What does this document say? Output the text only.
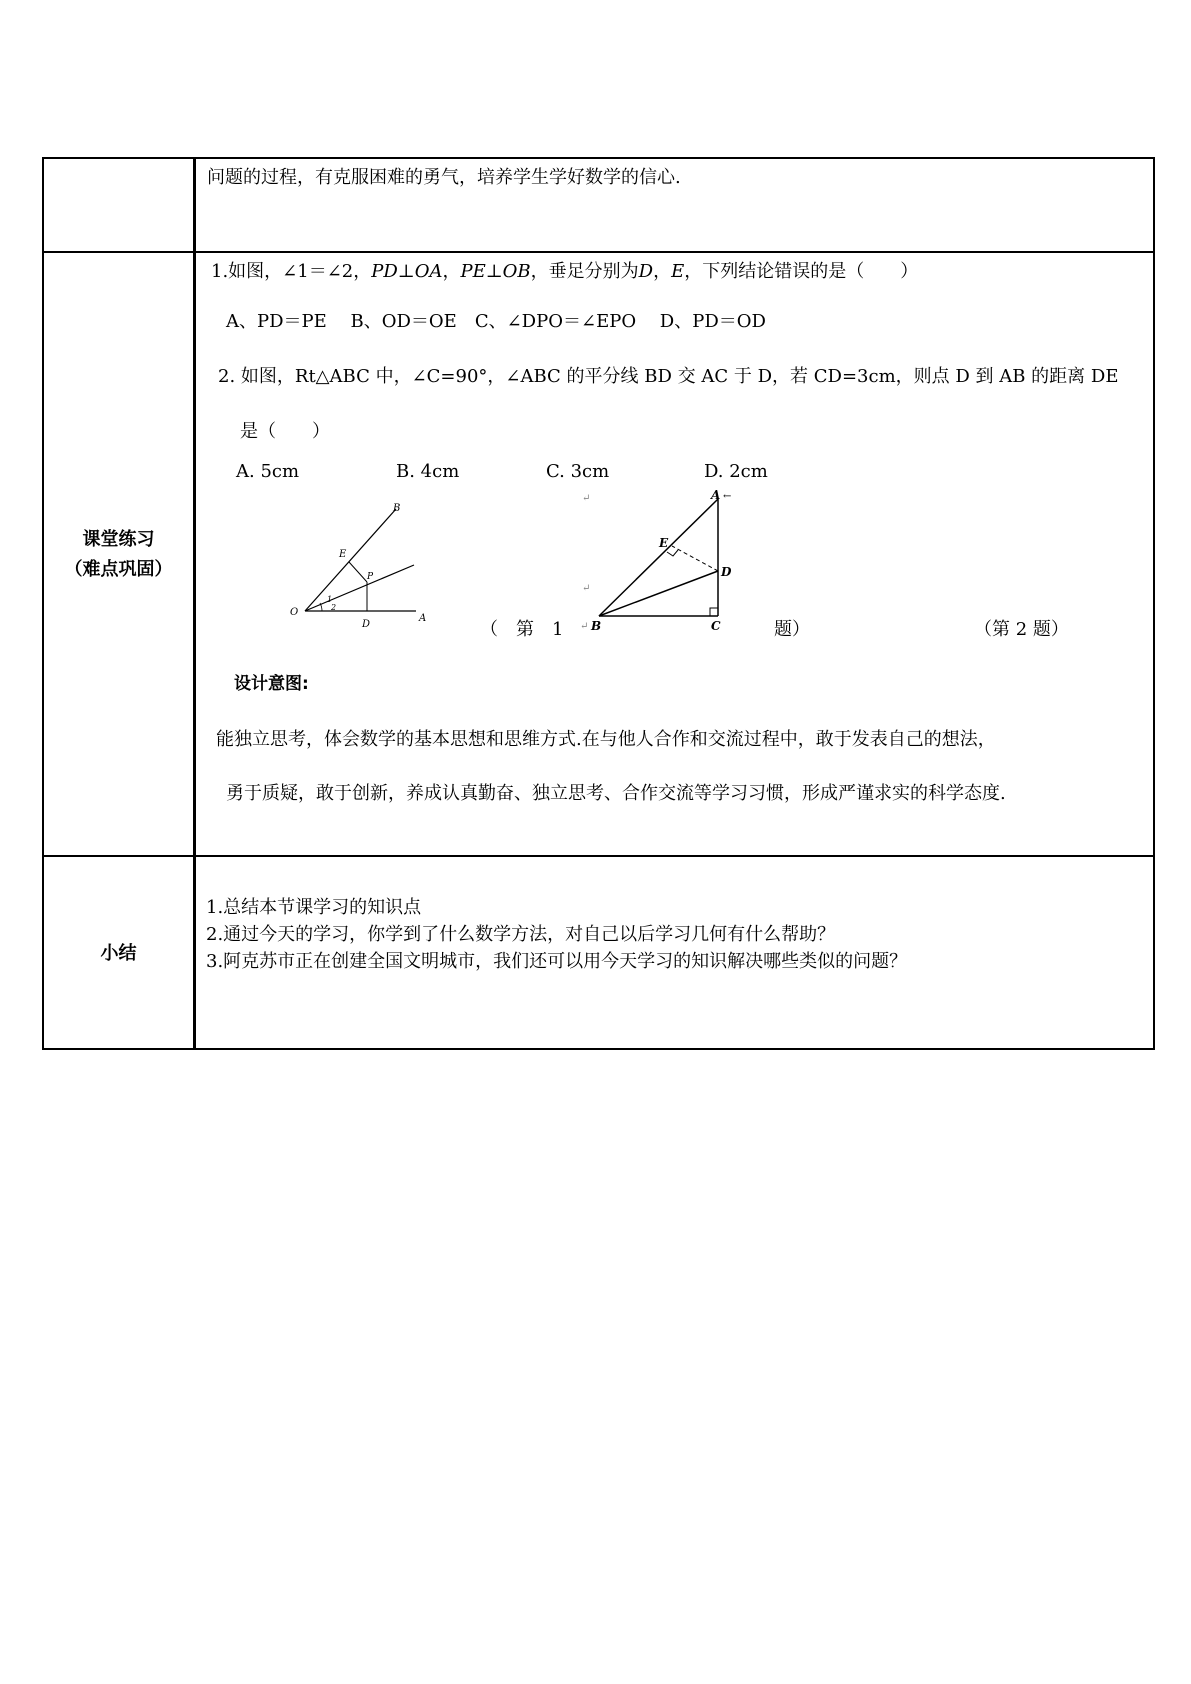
问题的过程，有克服困难的勇气，培养学生学好数学的信心.
课堂练习
（难点巩固）
1.如图，∠1＝∠2，PD⊥OA，PE⊥OB，垂足分别为D，E，下列结论错误的是（　　）
A、PD＝PE　 B、OD＝OE　C、∠DPO＝∠EPO　 D、PD＝OD
2. 如图，Rt△ABC 中，∠C=90°，∠ABC 的平分线 BD 交 AC 于 D，若 CD=3cm，则点 D 到 AB 的距离 DE
是（　　）
A. 5cm	B. 4cm	C. 3cm	D. 2cm
B
E
P
1
2
O
D
A
A ←
E
D
B	C
↵
↵
↵
（　第　1	题）	（第 2 题）
设计意图:
能独立思考，体会数学的基本思想和思维方式.在与他人合作和交流过程中，敢于发表自己的想法，
勇于质疑，敢于创新，养成认真勤奋、独立思考、合作交流等学习习惯，形成严谨求实的科学态度.
小结
1.总结本节课学习的知识点
2.通过今天的学习，你学到了什么数学方法，对自己以后学习几何有什么帮助？
3.阿克苏市正在创建全国文明城市，我们还可以用今天学习的知识解决哪些类似的问题？
